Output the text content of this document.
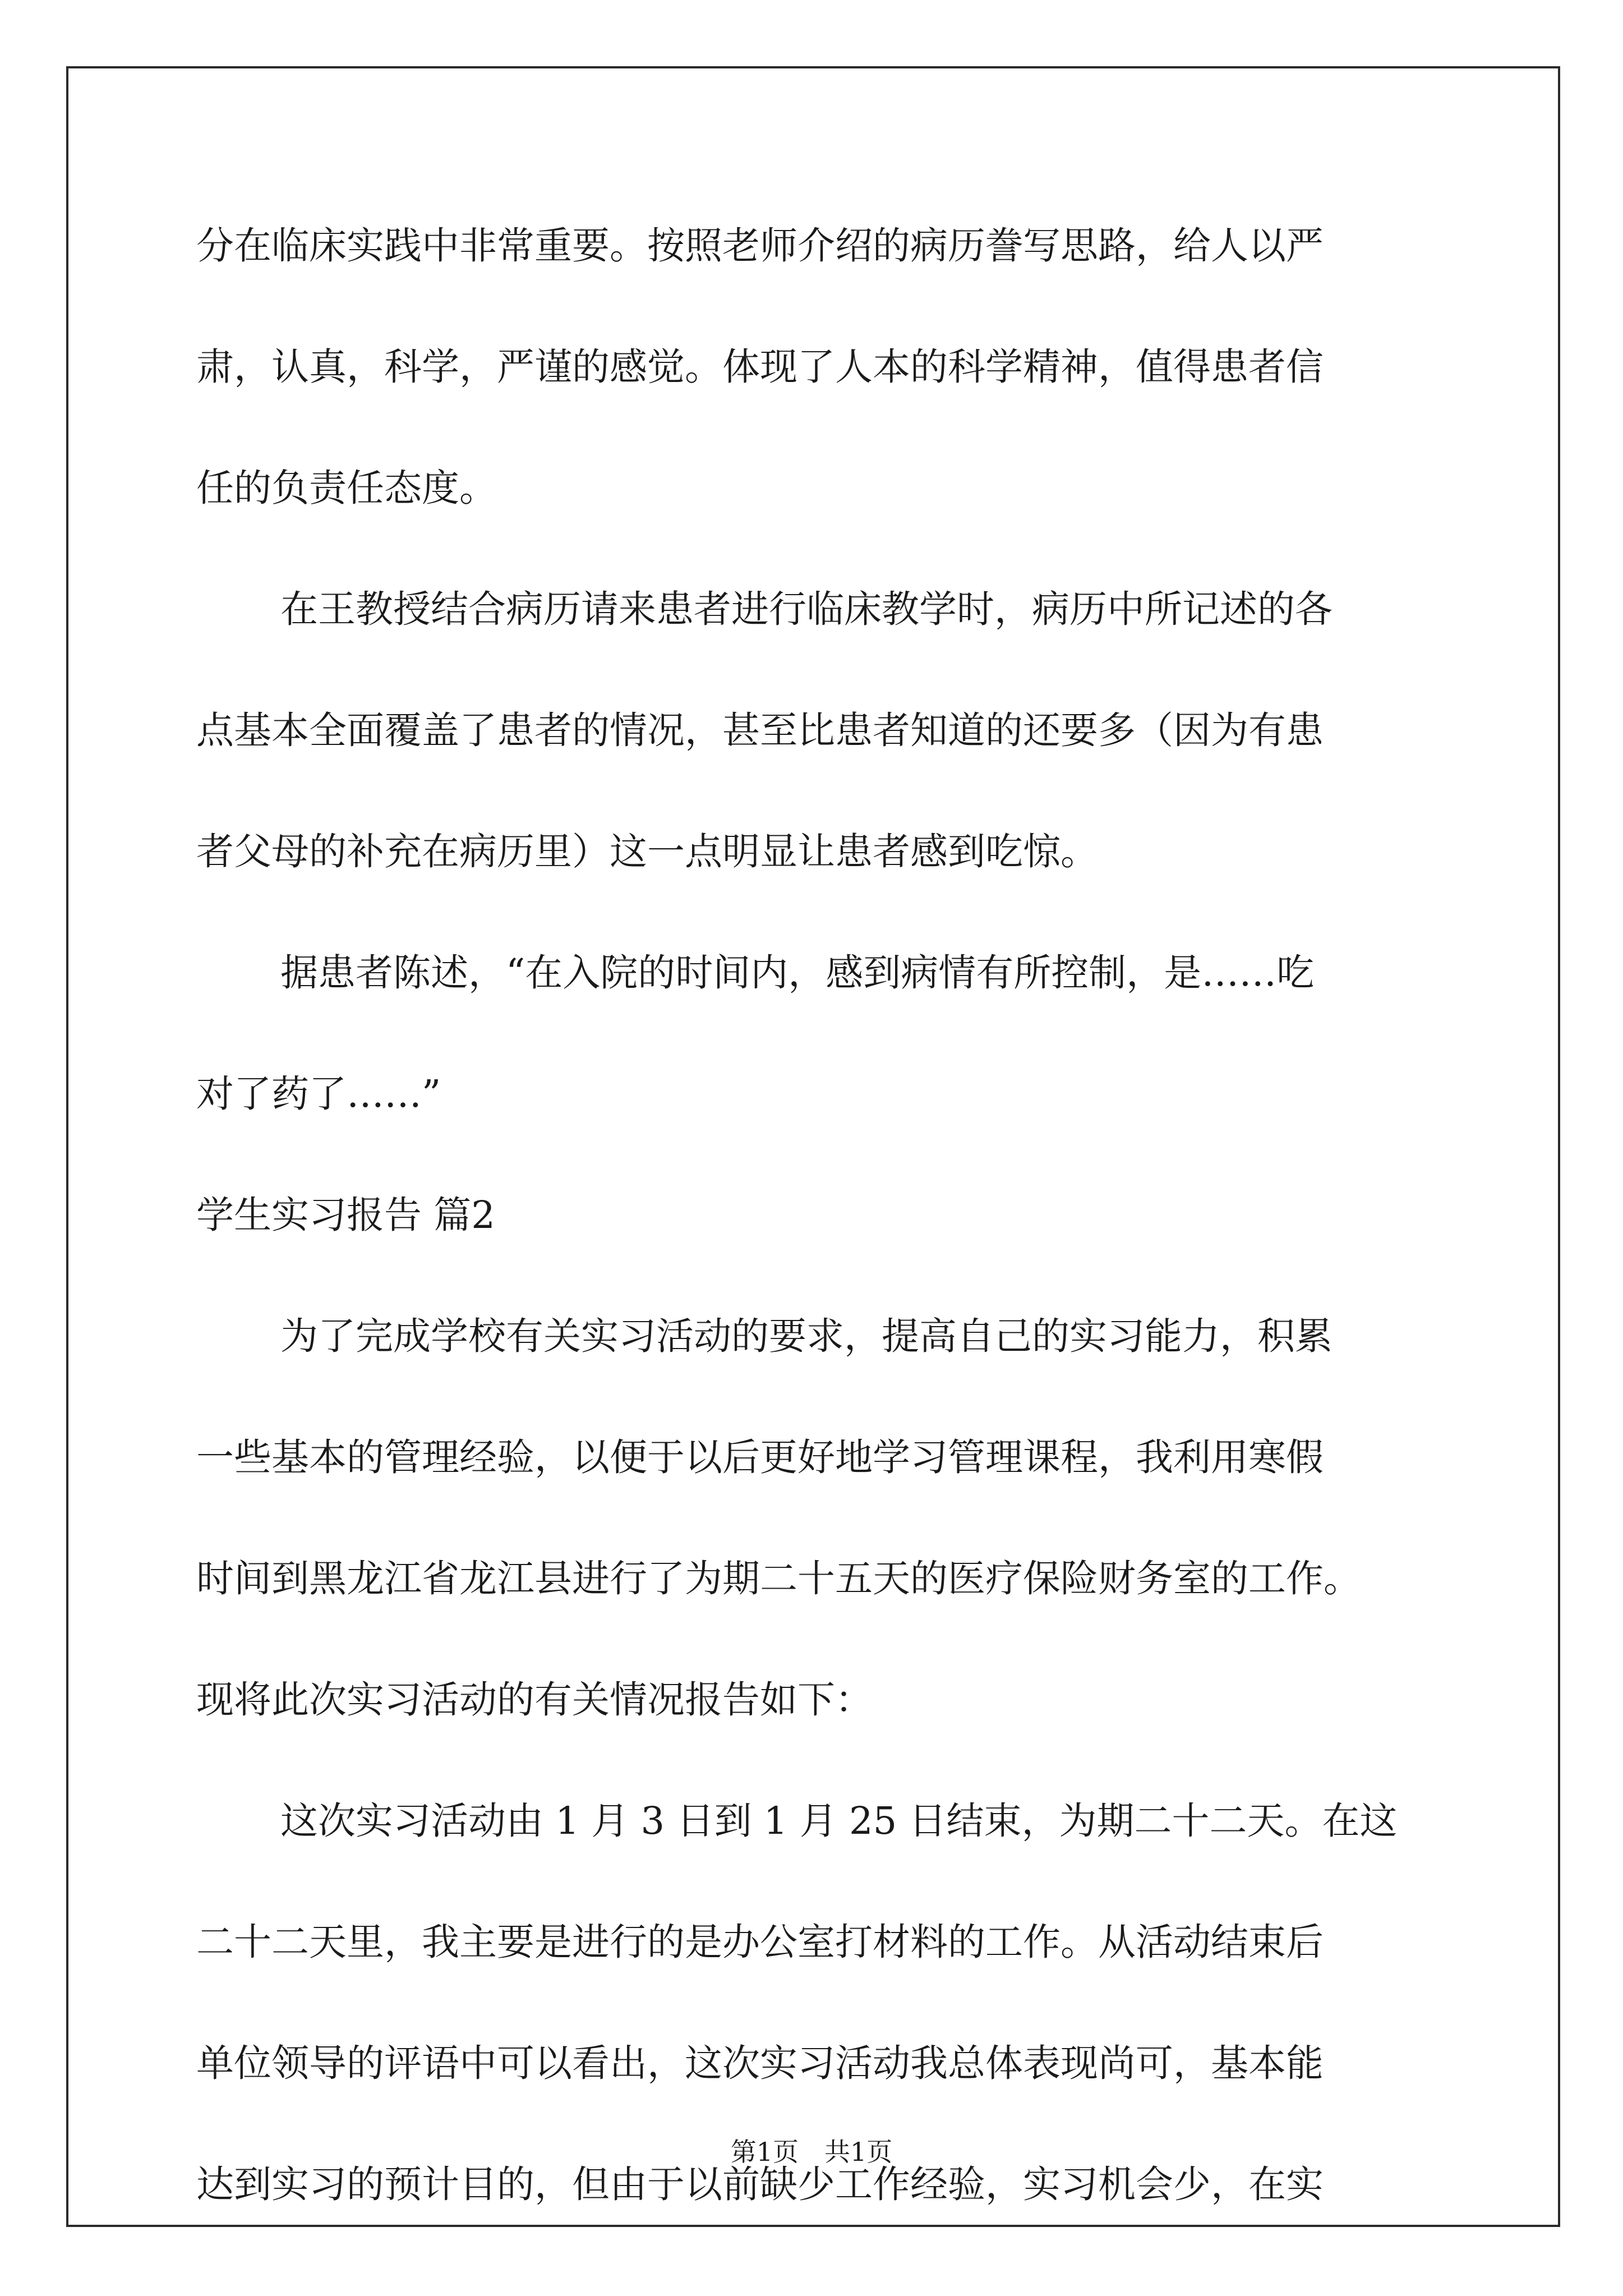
分在临床实践中非常重要。按照老师介绍的病历誊写思路，给人以严
肃，认真，科学，严谨的感觉。体现了人本的科学精神，值得患者信
任的负责任态度。
在王教授结合病历请来患者进行临床教学时，病历中所记述的各
点基本全面覆盖了患者的情况，甚至比患者知道的还要多（因为有患
者父母的补充在病历里）这一点明显让患者感到吃惊。
据患者陈述，“在入院的时间内，感到病情有所控制，是……吃
对了药了……”
学生实习报告 篇2
为了完成学校有关实习活动的要求，提高自己的实习能力，积累
一些基本的管理经验，以便于以后更好地学习管理课程，我利用寒假
时间到黑龙江省龙江县进行了为期二十五天的医疗保险财务室的工作。
现将此次实习活动的有关情况报告如下：
这次实习活动由 1 月 3 日到 1 月 25 日结束，为期二十二天。在这
二十二天里，我主要是进行的是办公室打材料的工作。从活动结束后
单位领导的评语中可以看出，这次实习活动我总体表现尚可，基本能
达到实习的预计目的，但由于以前缺少工作经验，实习机会少，在实
第1页　共1页
